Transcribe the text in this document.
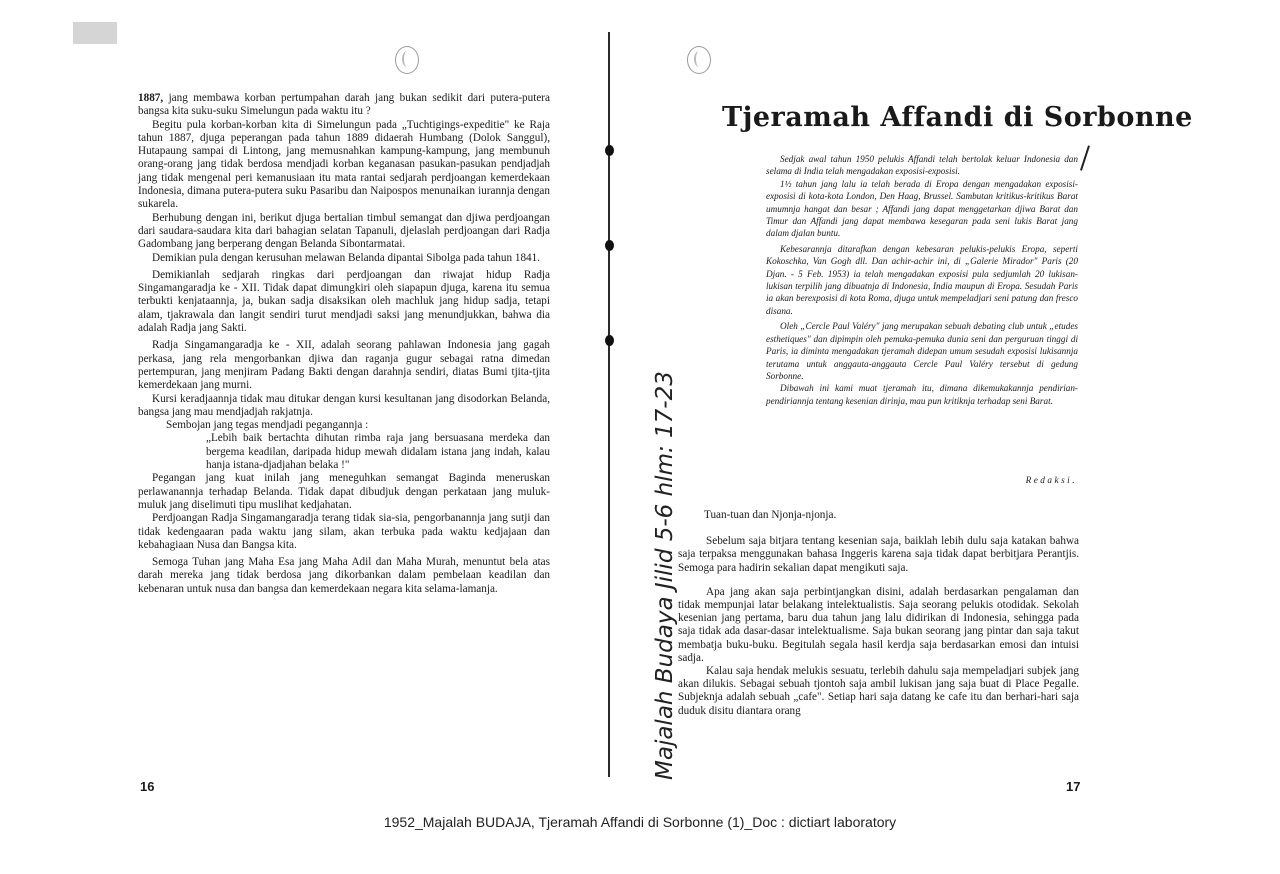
1887, jang membawa korban pertumpahan darah jang bukan sedikit dari putera-putera bangsa kita suku-suku Simelungun pada waktu itu ?

Begitu pula korban-korban kita di Simelungun pada „Tuchtigings-expeditie" ke Raja tahun 1887, djuga peperangan pada tahun 1889 didaerah Humbang (Dolok Sanggul), Hutapaung sampai di Lintong, jang memusnahkan kampung-kampung, jang membunuh orang-orang jang tidak berdosa mendjadi korban keganasan pasukan-pasukan pendjadjah jang tidak mengenal peri kemanusiaan itu mata rantai sedjarah perdjoangan kemerdekaan Indonesia, dimana putera-putera suku Pasaribu dan Naipospos menunaikan iurannja dengan sukarela.

Berhubung dengan ini, berikut djuga bertalian timbul semangat dan djiwa perdjoangan dari saudara-saudara kita dari bahagian selatan Tapanuli, djelaslah perdjoangan dari Radja Gadombang jang berperang dengan Belanda Sibontarmatai.

Demikian pula dengan kerusuhan melawan Belanda dipantai Sibolga pada tahun 1841.

Demikianlah sedjarah ringkas dari perdjoangan dan riwajat hidup Radja Singamangaradja ke - XII. Tidak dapat dimungkiri oleh siapapun djuga, karena itu semua terbukti kenjataannja, ja, bukan sadja disaksikan oleh machluk jang hidup sadja, tetapi alam, tjakrawala dan langit sendiri turut mendjadi saksi jang menundjukkan, bahwa dia adalah Radja jang Sakti.

Radja Singamangaradja ke - XII, adalah seorang pahlawan Indonesia jang gagah perkasa, jang rela mengorbankan djiwa dan raganja gugur sebagai ratna dimedan pertempuran, jang menjiram Padang Bakti dengan darahnja sendiri, diatas Bumi tjita-tjita kemerdekaan jang murni.

Kursi keradjaannja tidak mau ditukar dengan kursi kesultanan jang disodorkan Belanda, bangsa jang mau mendjadjah rakjatnja.

Sembojan jang tegas mendjadi pegangannja :

„Lebih baik bertachta dihutan rimba raja jang bersuasana merdeka dan bergema keadilan, daripada hidup mewah didalam istana jang indah, kalau hanja istana-djadjahan belaka !"

Pegangan jang kuat inilah jang meneguhkan semangat Baginda meneruskan perlawanannja terhadap Belanda. Tidak dapat dibudjuk dengan perkataan jang muluk-muluk jang diselimuti tipu muslihat kedjahatan.

Perdjoangan Radja Singamangaradja terang tidak sia-sia, pengorbanannja jang sutji dan tidak kedengaaran pada waktu jang silam, akan terbuka pada waktu kedjajaan dan kebahagiaan Nusa dan Bangsa kita.

Semoga Tuhan jang Maha Esa jang Maha Adil dan Maha Murah, menuntut bela atas darah mereka jang tidak berdosa jang dikorbankan dalam pembelaan keadilan dan kebenaran untuk nusa dan bangsa dan kemerdekaan negara kita selama-lamanja.

16
Majalah Budaya Jilid 5-6 hlm: 17-23
Tjeramah Affandi di Sorbonne

Sedjak awal tahun 1950 pelukis Affandi telah bertolak keluar Indonesia dan selama di India telah mengadakan exposisi-exposisi.

1½ tahun jang lalu ia telah berada di Eropa dengan mengadakan exposisi-exposisi di kota-kota London, Den Haag, Brussel. Sambutan kritikus-kritikus Barat umumnja hangat dan besar ; Affandi jang dapat menggetarkan djiwa Barat dan Timur dan Affandi jang dapat membawa kesegaran pada seni lukis Barat jang dalam djalan buntu.

Kebesarannja ditarafkan dengan kebesaran pelukis-pelukis Eropa, seperti Kokoschka, Van Gogh dll. Dan achir-achir ini, di „Galerie Mirador" Paris (20 Djan. - 5 Feb. 1953) ia telah mengadakan exposisi pula sedjumlah 20 lukisan-lukisan terpilih jang dibuatnja di Indonesia, India maupun di Eropa. Sesudah Paris ia akan berexposisi di kota Roma, djuga untuk mempeladjari seni patung dan fresco disana.

Oleh „Cercle Paul Valéry" jang merupakan sebuah debating club untuk „etudes esthetiques" dan dipimpin oleh pemuka-pemuka dunia seni dan perguruan tinggi di Paris, ia diminta mengadakan tjeramah didepan umum sesudah exposisi lukisannja terutama untuk anggauta-anggauta Cercle Paul Valéry tersebut di gedung Sorbonne.

Dibawah ini kami muat tjeramah itu, dimana dikemukakannja pendirian-pendiriannja tentang kesenian dirinja, mau pun kritiknja terhadap seni Barat.

Redaksi.

Tuan-tuan dan Njonja-njonja.

Sebelum saja bitjara tentang kesenian saja, baiklah lebih dulu saja katakan bahwa saja terpaksa menggunakan bahasa Inggeris karena saja tidak dapat berbitjara Perantjis. Semoga para hadirin sekalian dapat mengikuti saja.

Apa jang akan saja perbintjangkan disini, adalah berdasarkan pengalaman dan tidak mempunjai latar belakang intelektualistis. Saja seorang pelukis otodidak. Sekolah kesenian jang pertama, baru dua tahun jang lalu didirikan di Indonesia, sehingga pada saja tidak ada dasar-dasar intelektualisme. Saja bukan seorang jang pintar dan saja takut membatja buku-buku. Begitulah segala hasil kerdja saja berdasarkan emosi dan intuisi sadja.

Kalau saja hendak melukis sesuatu, terlebih dahulu saja mempeladjari subjek jang akan dilukis. Sebagai sebuah tjontoh saja ambil lukisan jang saja buat di Place Pegalle. Subjeknja adalah sebuah „cafe". Setiap hari saja datang ke cafe itu dan berhari-hari saja duduk disitu diantara orang

17
1952_Majalah BUDAJA, Tjeramah Affandi di Sorbonne (1)_Doc : dictiart laboratory
